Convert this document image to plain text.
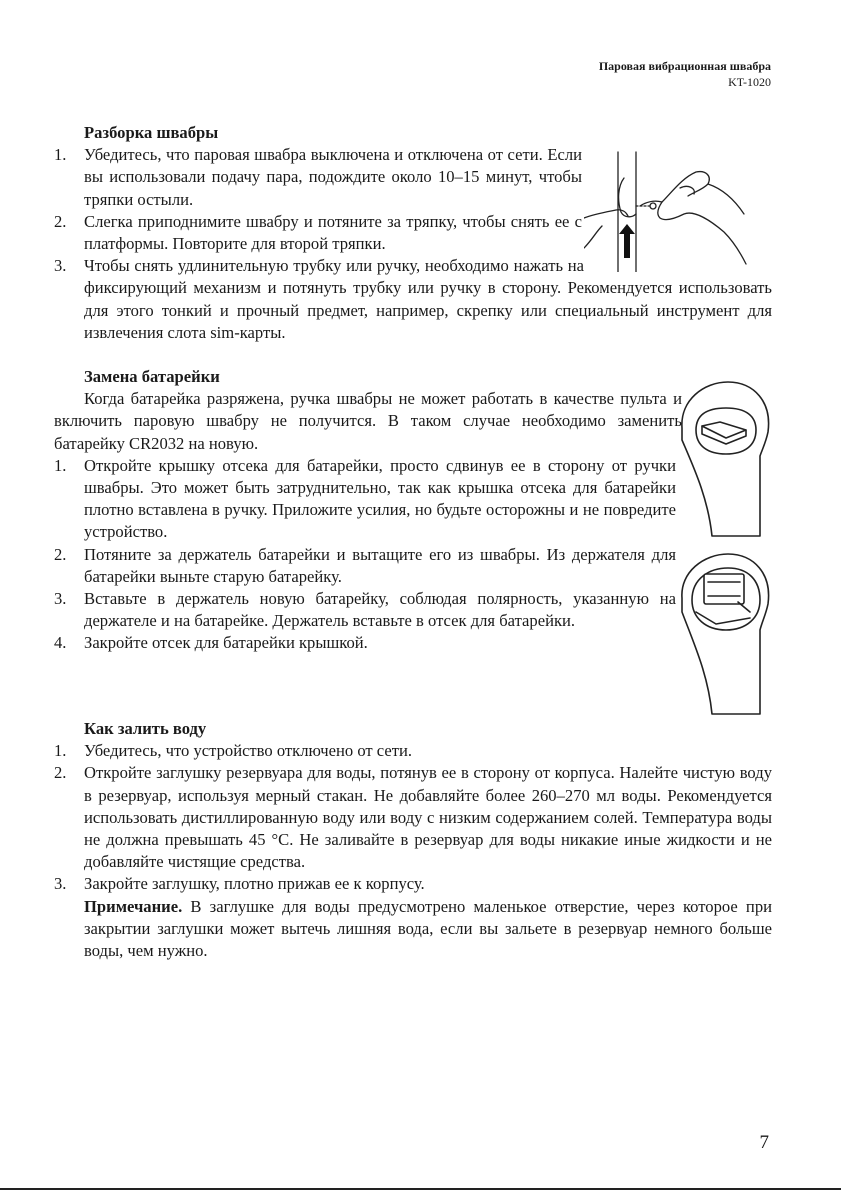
Паровая вибрационная швабра
KT-1020

Разборка швабры

1. Убедитесь, что паровая швабра выключена и отключена от сети. Если вы использовали подачу пара, подождите около 10–15 минут, чтобы тряпки остыли.
2. Слегка приподнимите швабру и потяните за тряпку, чтобы снять ее с платформы. Повторите для второй тряпки.
3. Чтобы снять удлинительную трубку или ручку, необходимо нажать на фиксирующий механизм и потянуть трубку или ручку в сторону. Рекомендуется использовать для этого тонкий и прочный предмет, например, скрепку или специальный инструмент для извлечения слота sim-карты.

Замена батарейки

Когда батарейка разряжена, ручка швабры не может работать в качестве пульта и включить паровую швабру не получится. В таком случае необходимо заменить батарейку CR2032 на новую.

1. Откройте крышку отсека для батарейки, просто сдвинув ее в сторону от ручки швабры. Это может быть затруднительно, так как крышка отсека для батарейки плотно вставлена в ручку. Приложите усилия, но будьте осторожны и не повредите устройство.
2. Потяните за держатель батарейки и вытащите его из швабры. Из держателя для батарейки выньте старую батарейку.
3. Вставьте в держатель новую батарейку, соблюдая полярность, указанную на держателе и на батарейке. Держатель вставьте в отсек для батарейки.
4. Закройте отсек для батарейки крышкой.

Как залить воду

1. Убедитесь, что устройство отключено от сети.
2. Откройте заглушку резервуара для воды, потянув ее в сторону от корпуса. Налейте чистую воду в резервуар, используя мерный стакан. Не добавляйте более 260–270 мл воды. Рекомендуется использовать дистиллированную воду или воду с низким содержанием солей. Температура воды не должна превышать 45 °C. Не заливайте в резервуар для воды никакие иные жидкости и не добавляйте чистящие средства.
3. Закройте заглушку, плотно прижав ее к корпусу.
Примечание. В заглушке для воды предусмотрено маленькое отверстие, через которое при закрытии заглушки может вытечь лишняя вода, если вы зальете в резервуар немного больше воды, чем нужно.
7
